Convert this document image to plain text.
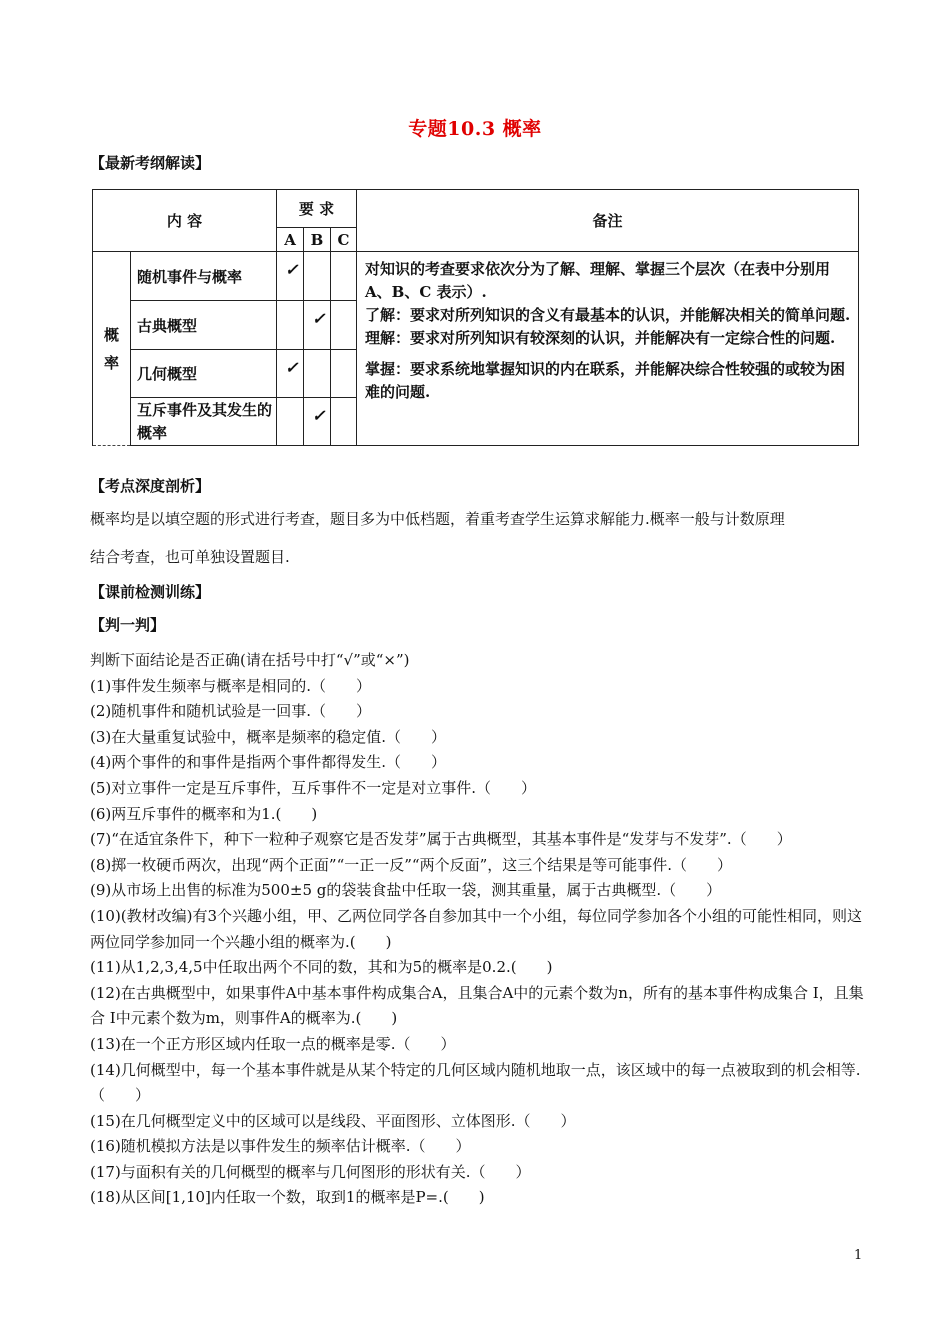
专题10.3 概率
【最新考纲解读】
内 容		要 求			备注
		A	B	C	

概率	随机事件与概率	✓			对知识的考查要求依次分为了解、理解、掌握三个层次（在表中分别用 A、B、C 表示）.

了解：要求对所列知识的含义有最基本的认识，并能解决相关的简单问题.

理解：要求对所列知识有较深刻的认识，并能解决有一定综合性的问题.

掌握：要求系统地掌握知识的内在联系，并能解决综合性较强的或较为困难的问题.

	古典概型		✓		
	几何概型	✓			
	互斥事件及其发生的概率		✓		
【考点深度剖析】
概率均是以填空题的形式进行考查，题目多为中低档题，着重考查学生运算求解能力.概率一般与计数原理
结合考查，也可单独设置题目.
【课前检测训练】
【判一判】

判断下面结论是否正确(请在括号中打“√”或“×”)

(1)事件发生频率与概率是相同的.（　　）

(2)随机事件和随机试验是一回事.（　　）

(3)在大量重复试验中，概率是频率的稳定值.（　　）

(4)两个事件的和事件是指两个事件都得发生.（　　）

(5)对立事件一定是互斥事件，互斥事件不一定是对立事件.（　　）

(6)两互斥事件的概率和为1.(　　)

(7)“在适宜条件下，种下一粒种子观察它是否发芽”属于古典概型，其基本事件是“发芽与不发芽”.（　　）

(8)掷一枚硬币两次，出现“两个正面”“一正一反”“两个反面”，这三个结果是等可能事件.（　　）

(9)从市场上出售的标准为500±5 g的袋装食盐中任取一袋，测其重量，属于古典概型.（　　）

(10)(教材改编)有3个兴趣小组，甲、乙两位同学各自参加其中一个小组，每位同学参加各个小组的可能性相同，则这两位同学参加同一个兴趣小组的概率为.(　　)

(11)从1,2,3,4,5中任取出两个不同的数，其和为5的概率是0.2.(　　)

(12)在古典概型中，如果事件A中基本事件构成集合A，且集合A中的元素个数为n，所有的基本事件构成集合 I，且集合 I中元素个数为m，则事件A的概率为.(　　)

(13)在一个正方形区域内任取一点的概率是零.（　　）

(14)几何概型中，每一个基本事件就是从某个特定的几何区域内随机地取一点，该区域中的每一点被取到的机会相等.（　　）

(15)在几何概型定义中的区域可以是线段、平面图形、立体图形.（　　）

(16)随机模拟方法是以事件发生的频率估计概率.（　　）

(17)与面积有关的几何概型的概率与几何图形的形状有关.（　　）

(18)从区间[1,10]内任取一个数，取到1的概率是P=.(　　)

1
